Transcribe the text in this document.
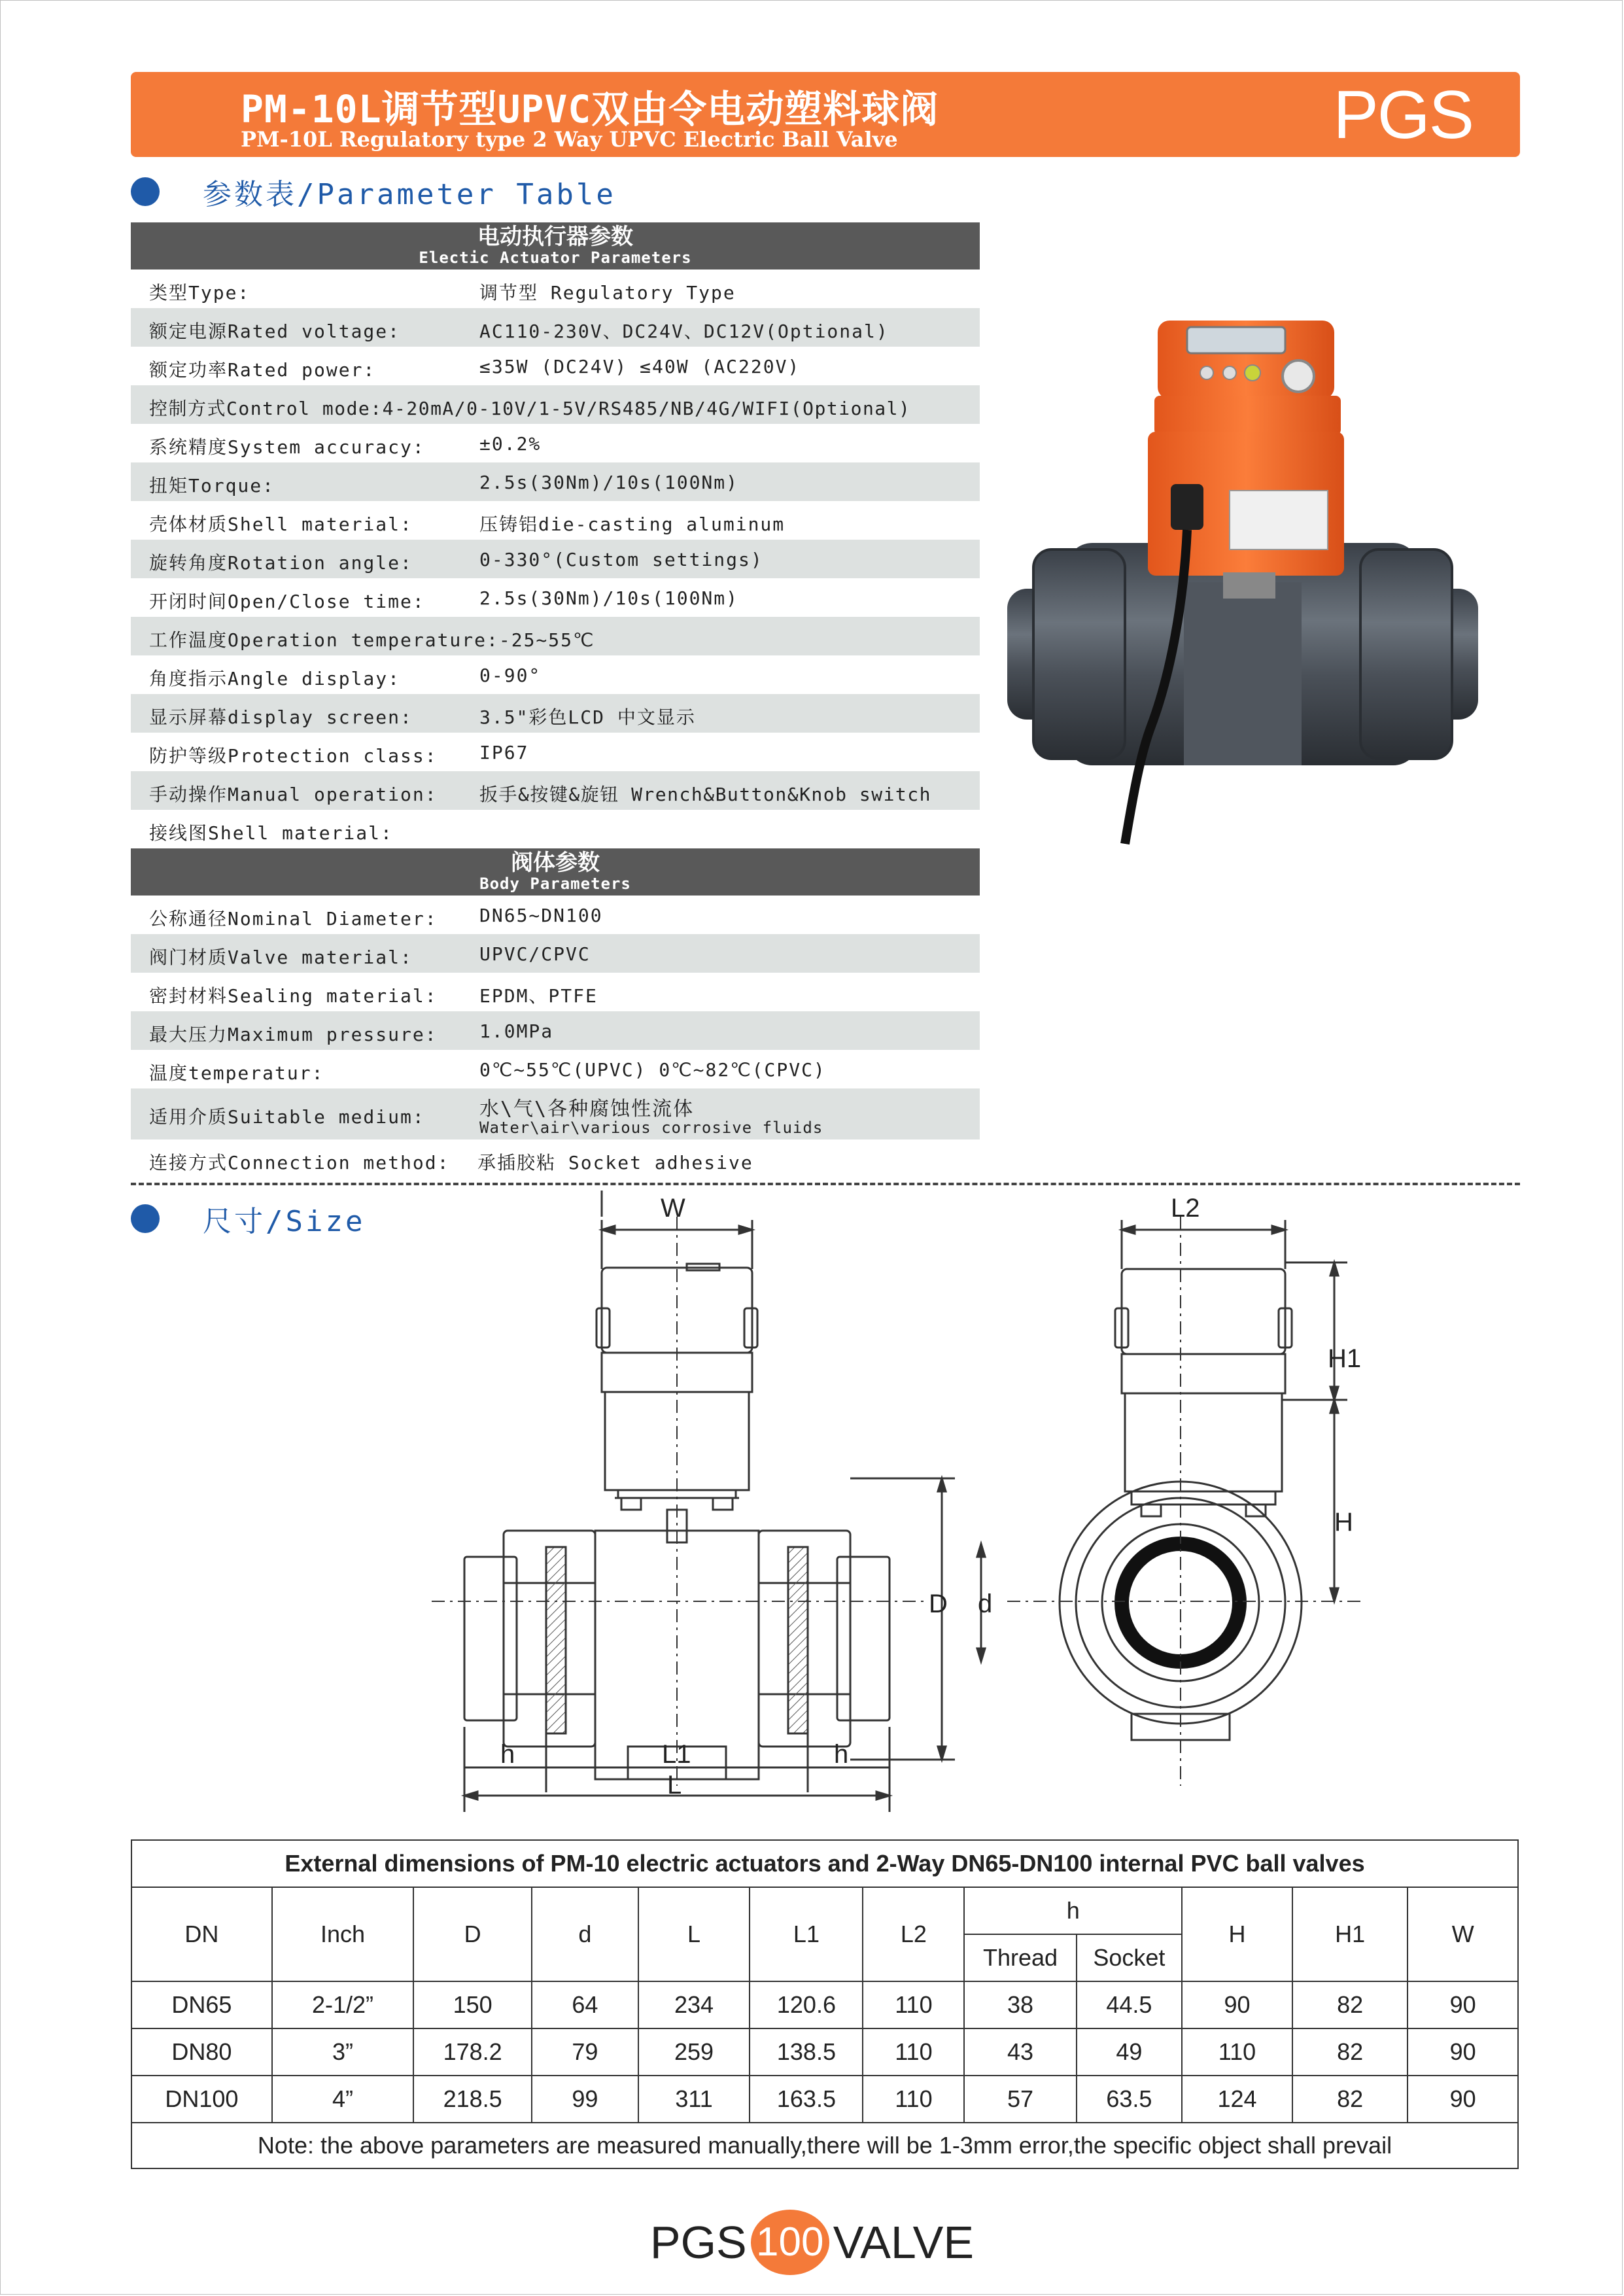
PM-10L调节型UPVC双由令电动塑料球阀
PM-10L Regulatory type 2 Way UPVC Electric Ball Valve	PGS
参数表/Parameter Table
电动执行器参数
Electic Actuator Parameters
类型Type:	调节型 Regulatory Type
额定电源Rated voltage:	AC110-230V、DC24V、DC12V(Optional)
额定功率Rated power:	≤35W (DC24V) ≤40W (AC220V)
控制方式Control mode:4-20mA/0-10V/1-5V/RS485/NB/4G/WIFI(Optional)
系统精度System accuracy:	±0.2%
扭矩Torque:	2.5s(30Nm)/10s(100Nm)
壳体材质Shell material:	压铸铝die-casting aluminum
旋转角度Rotation angle:	0-330°(Custom settings)
开闭时间Open/Close time:	2.5s(30Nm)/10s(100Nm)
工作温度Operation temperature:-25~55℃
角度指示Angle display:	0-90°
显示屏幕display screen:	3.5"彩色LCD 中文显示
防护等级Protection class: IP67
手动操作Manual operation: 扳手&按键&旋钮 Wrench&Button&Knob switch
接线图Shell material:
阀体参数
Body Parameters
公称通径Nominal Diameter: DN65~DN100
阀门材质Valve material:	UPVC/CPVC
密封材料Sealing material: EPDM、PTFE
最大压力Maximum pressure: 1.0MPa
温度temperatur:	0℃~55℃(UPVC) 0℃~82℃(CPVC)
适用介质Suitable medium:	水\气\各种腐蚀性流体
Water\air\various corrosive fluids
连接方式Connection method: 承插胶粘 Socket adhesive
尺寸/Size	W	L2
H1
H
D d
h	h
L1
L
External dimensions of PM-10 electric actuators and 2-Way DN65-DN100 internal PVC ball valves											
DN	Inch	D	d	L	L1	L2	h		H	H1	W
							Thread	Socket			
DN65	2-1/2”	150	64	234	120.6	110	38	44.5	90	82	90
DN80	3”	178.2	79	259	138.5	110	43	49	110	82	90
DN100	4”	218.5	99	311	163.5	110	57	63.5	124	82	90
Note: the above parameters are measured manually,there will be 1-3mm error,the specific object shall prevail											
PGS 100 VALVE
